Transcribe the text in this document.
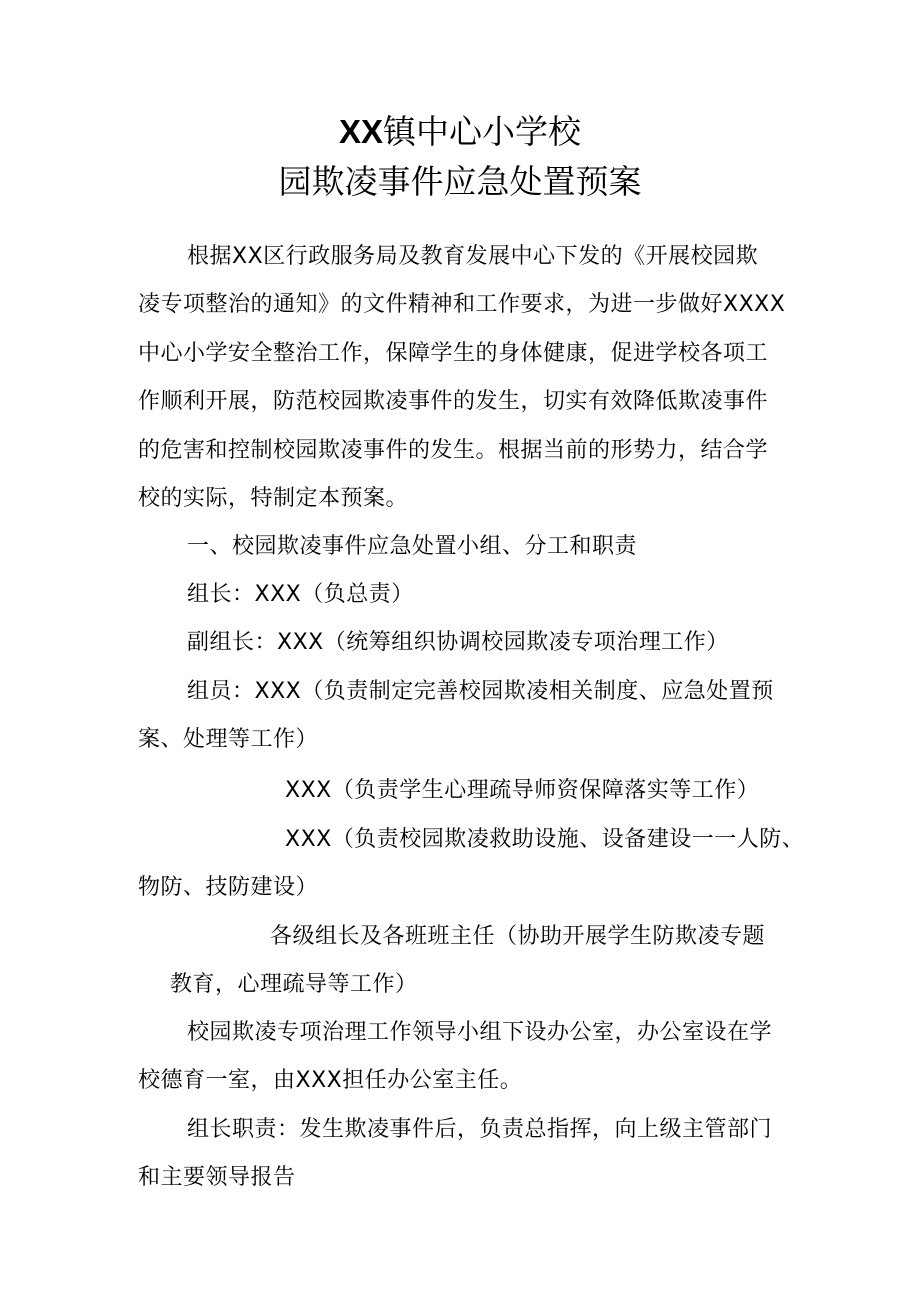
XX镇中心小学校
园欺凌事件应急处置预案
根据XX区行政服务局及教育发展中心下发的《开展校园欺
凌专项整治的通知》的文件精神和工作要求，为进一步做好XXXX
中心小学安全整治工作，保障学生的身体健康，促进学校各项工
作顺利开展，防范校园欺凌事件的发生，切实有效降低欺凌事件
的危害和控制校园欺凌事件的发生。根据当前的形势力，结合学
校的实际，特制定本预案。
一、校园欺凌事件应急处置小组、分工和职责
组长：XXX（负总责）
副组长：XXX（统筹组织协调校园欺凌专项治理工作）
组员：XXX（负责制定完善校园欺凌相关制度、应急处置预
案、处理等工作）
XXX（负责学生心理疏导师资保障落实等工作）
XXX（负责校园欺凌救助设施、设备建设一一人防、
物防、技防建设）
各级组长及各班班主任（协助开展学生防欺凌专题
教育，心理疏导等工作）
校园欺凌专项治理工作领导小组下设办公室，办公室设在学
校德育一室，由XXX担任办公室主任。
组长职责：发生欺凌事件后，负责总指挥，向上级主管部门
和主要领导报告
